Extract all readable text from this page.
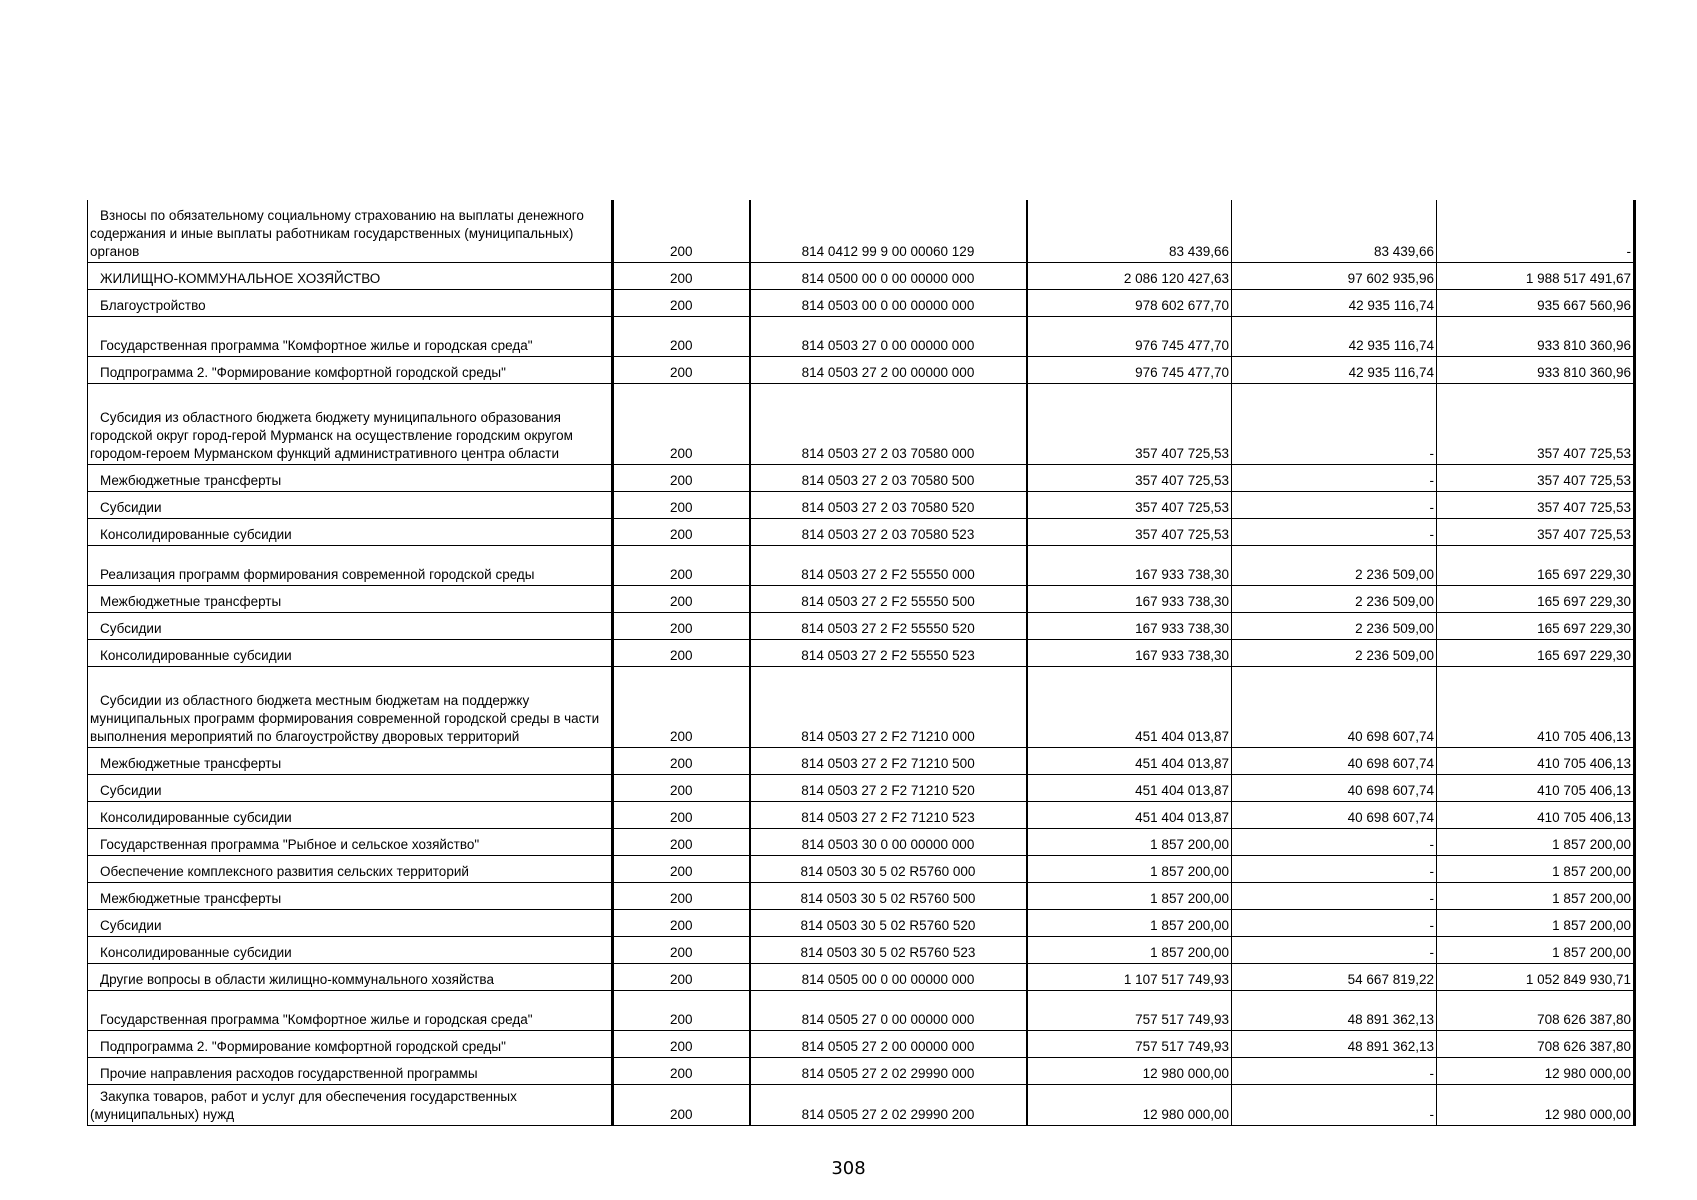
Взносы по обязательному социальному страхованию на выплаты денежного содержания и иные выплаты работникам государственных (муниципальных) органов	200	814 0412 99 9 00 00060 129	83 439,66	83 439,66	-

ЖИЛИЩНО-КОММУНАЛЬНОЕ ХОЗЯЙСТВО	200	814 0500 00 0 00 00000 000	2 086 120 427,63	97 602 935,96	1 988 517 491,67

Благоустройство	200	814 0503 00 0 00 00000 000	978 602 677,70	42 935 116,74	935 667 560,96

Государственная программа "Комфортное жилье и городская среда"	200	814 0503 27 0 00 00000 000	976 745 477,70	42 935 116,74	933 810 360,96

Подпрограмма 2. "Формирование комфортной городской среды"	200	814 0503 27 2 00 00000 000	976 745 477,70	42 935 116,74	933 810 360,96

Субсидия из областного бюджета бюджету муниципального образования городской округ город-герой Мурманск на осуществление городским округом городом-героем Мурманском функций административного центра области	200	814 0503 27 2 03 70580 000	357 407 725,53	-	357 407 725,53

Межбюджетные трансферты	200	814 0503 27 2 03 70580 500	357 407 725,53	-	357 407 725,53

Субсидии	200	814 0503 27 2 03 70580 520	357 407 725,53	-	357 407 725,53

Консолидированные субсидии	200	814 0503 27 2 03 70580 523	357 407 725,53	-	357 407 725,53

Реализация программ формирования современной городской среды	200	814 0503 27 2 F2 55550 000	167 933 738,30	2 236 509,00	165 697 229,30

Межбюджетные трансферты	200	814 0503 27 2 F2 55550 500	167 933 738,30	2 236 509,00	165 697 229,30

Субсидии	200	814 0503 27 2 F2 55550 520	167 933 738,30	2 236 509,00	165 697 229,30

Консолидированные субсидии	200	814 0503 27 2 F2 55550 523	167 933 738,30	2 236 509,00	165 697 229,30

Субсидии из областного бюджета местным бюджетам на поддержку муниципальных программ формирования современной городской среды в части выполнения мероприятий по благоустройству дворовых территорий	200	814 0503 27 2 F2 71210 000	451 404 013,87	40 698 607,74	410 705 406,13

Межбюджетные трансферты	200	814 0503 27 2 F2 71210 500	451 404 013,87	40 698 607,74	410 705 406,13

Субсидии	200	814 0503 27 2 F2 71210 520	451 404 013,87	40 698 607,74	410 705 406,13

Консолидированные субсидии	200	814 0503 27 2 F2 71210 523	451 404 013,87	40 698 607,74	410 705 406,13

Государственная программа "Рыбное и сельское хозяйство"	200	814 0503 30 0 00 00000 000	1 857 200,00	-	1 857 200,00

Обеспечение комплексного развития сельских территорий	200	814 0503 30 5 02 R5760 000	1 857 200,00	-	1 857 200,00

Межбюджетные трансферты	200	814 0503 30 5 02 R5760 500	1 857 200,00	-	1 857 200,00

Субсидии	200	814 0503 30 5 02 R5760 520	1 857 200,00	-	1 857 200,00

Консолидированные субсидии	200	814 0503 30 5 02 R5760 523	1 857 200,00	-	1 857 200,00

Другие вопросы в области жилищно-коммунального хозяйства	200	814 0505 00 0 00 00000 000	1 107 517 749,93	54 667 819,22	1 052 849 930,71

Государственная программа "Комфортное жилье и городская среда"	200	814 0505 27 0 00 00000 000	757 517 749,93	48 891 362,13	708 626 387,80

Подпрограмма 2. "Формирование комфортной городской среды"	200	814 0505 27 2 00 00000 000	757 517 749,93	48 891 362,13	708 626 387,80

Прочие направления расходов государственной программы	200	814 0505 27 2 02 29990 000	12 980 000,00	-	12 980 000,00

Закупка товаров, работ и услуг для обеспечения государственных (муниципальных) нужд	200	814 0505 27 2 02 29990 200	12 980 000,00	-	12 980 000,00
308
